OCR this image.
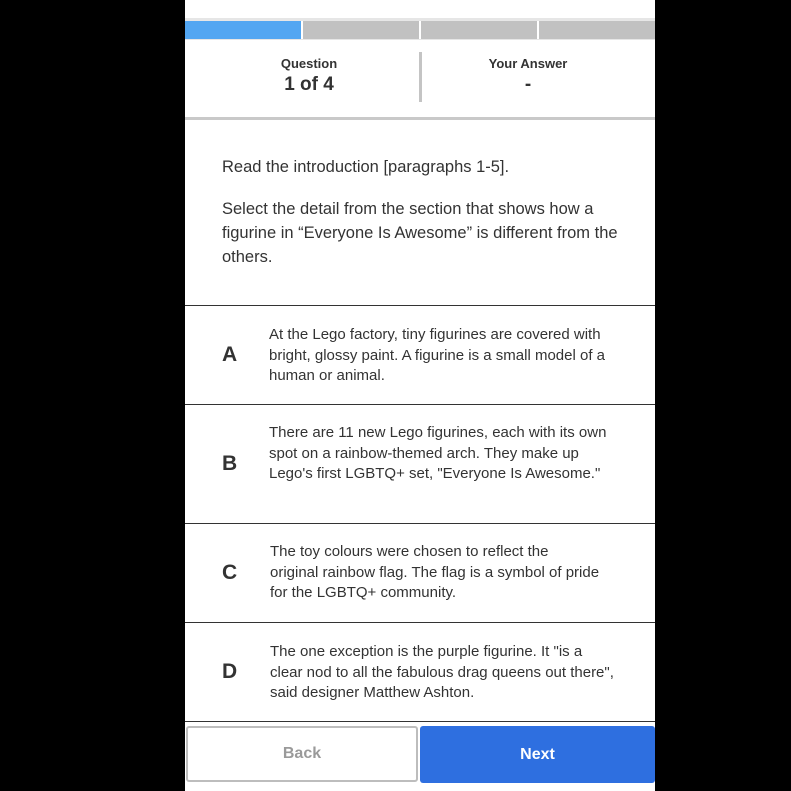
Question
1 of 4
Your Answer
-

Read the introduction [paragraphs 1-5].

Select the detail from the section that shows how a figurine in “Everyone Is Awesome” is different from the others.

A
At the Lego factory, tiny figurines are covered with bright, glossy paint. A figurine is a small model of a human or animal.
B
There are 11 new Lego figurines, each with its own spot on a rainbow-themed arch. They make up Lego's first LGBTQ+ set, "Everyone Is Awesome."
C
The toy colours were chosen to reflect the original rainbow flag. The flag is a symbol of pride for the LGBTQ+ community.
D
The one exception is the purple figurine. It "is a clear nod to all the fabulous drag queens out there", said designer Matthew Ashton.
Back	Next
